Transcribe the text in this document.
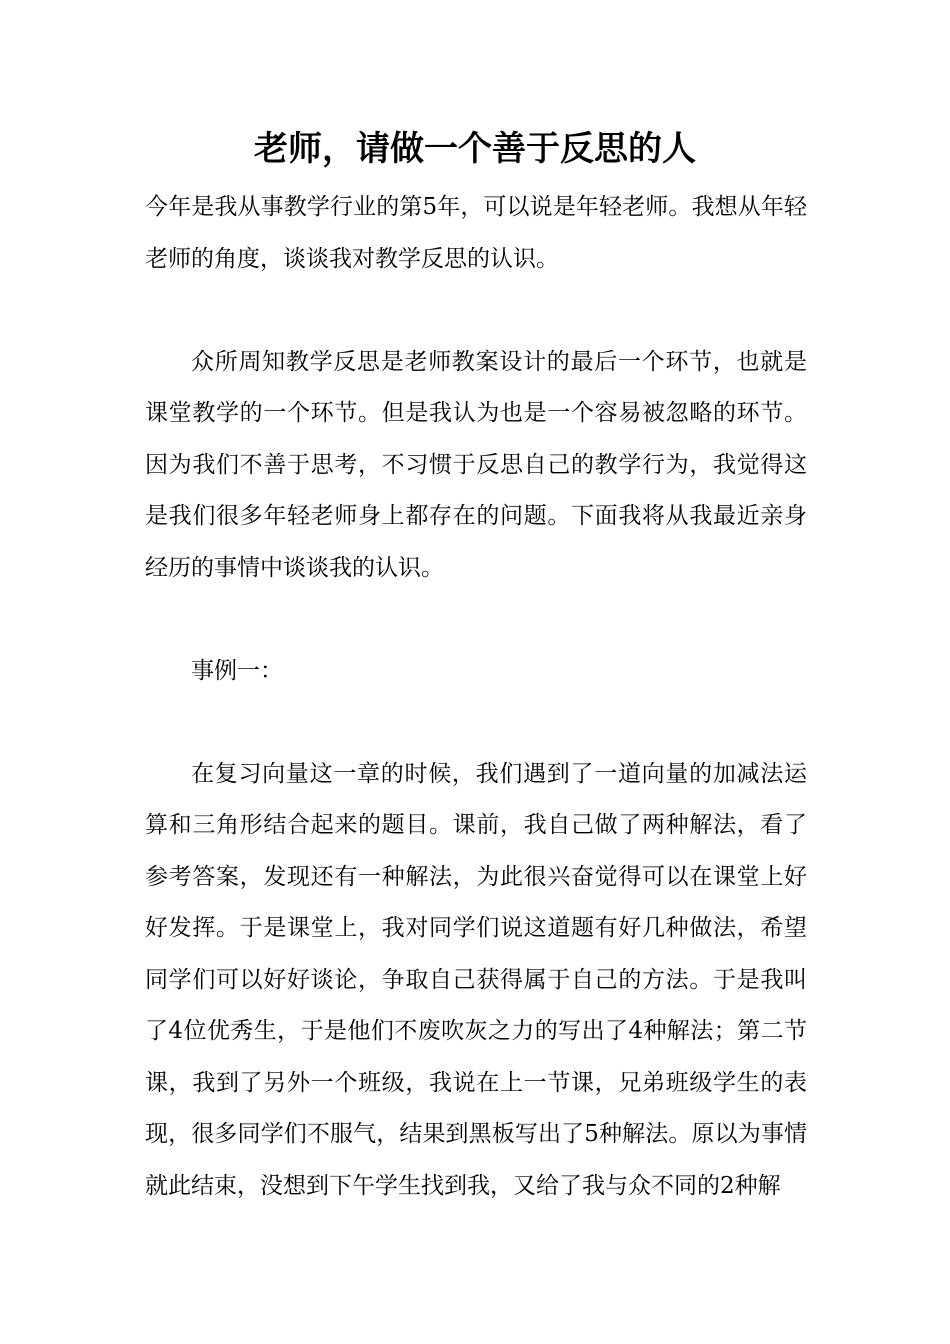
老师，请做一个善于反思的人

今年是我从事教学行业的第5年，可以说是年轻老师。我想从年轻老师的角度，谈谈我对教学反思的认识。

众所周知教学反思是老师教案设计的最后一个环节，也就是课堂教学的一个环节。但是我认为也是一个容易被忽略的环节。因为我们不善于思考，不习惯于反思自己的教学行为，我觉得这是我们很多年轻老师身上都存在的问题。下面我将从我最近亲身经历的事情中谈谈我的认识。

事例一：

在复习向量这一章的时候，我们遇到了一道向量的加减法运算和三角形结合起来的题目。课前，我自己做了两种解法，看了参考答案，发现还有一种解法，为此很兴奋觉得可以在课堂上好好发挥。于是课堂上，我对同学们说这道题有好几种做法，希望同学们可以好好谈论，争取自己获得属于自己的方法。于是我叫了4位优秀生，于是他们不废吹灰之力的写出了4种解法；第二节课，我到了另外一个班级，我说在上一节课，兄弟班级学生的表现，很多同学们不服气，结果到黑板写出了5种解法。原以为事情就此结束，没想到下午学生找到我，又给了我与众不同的2种解
